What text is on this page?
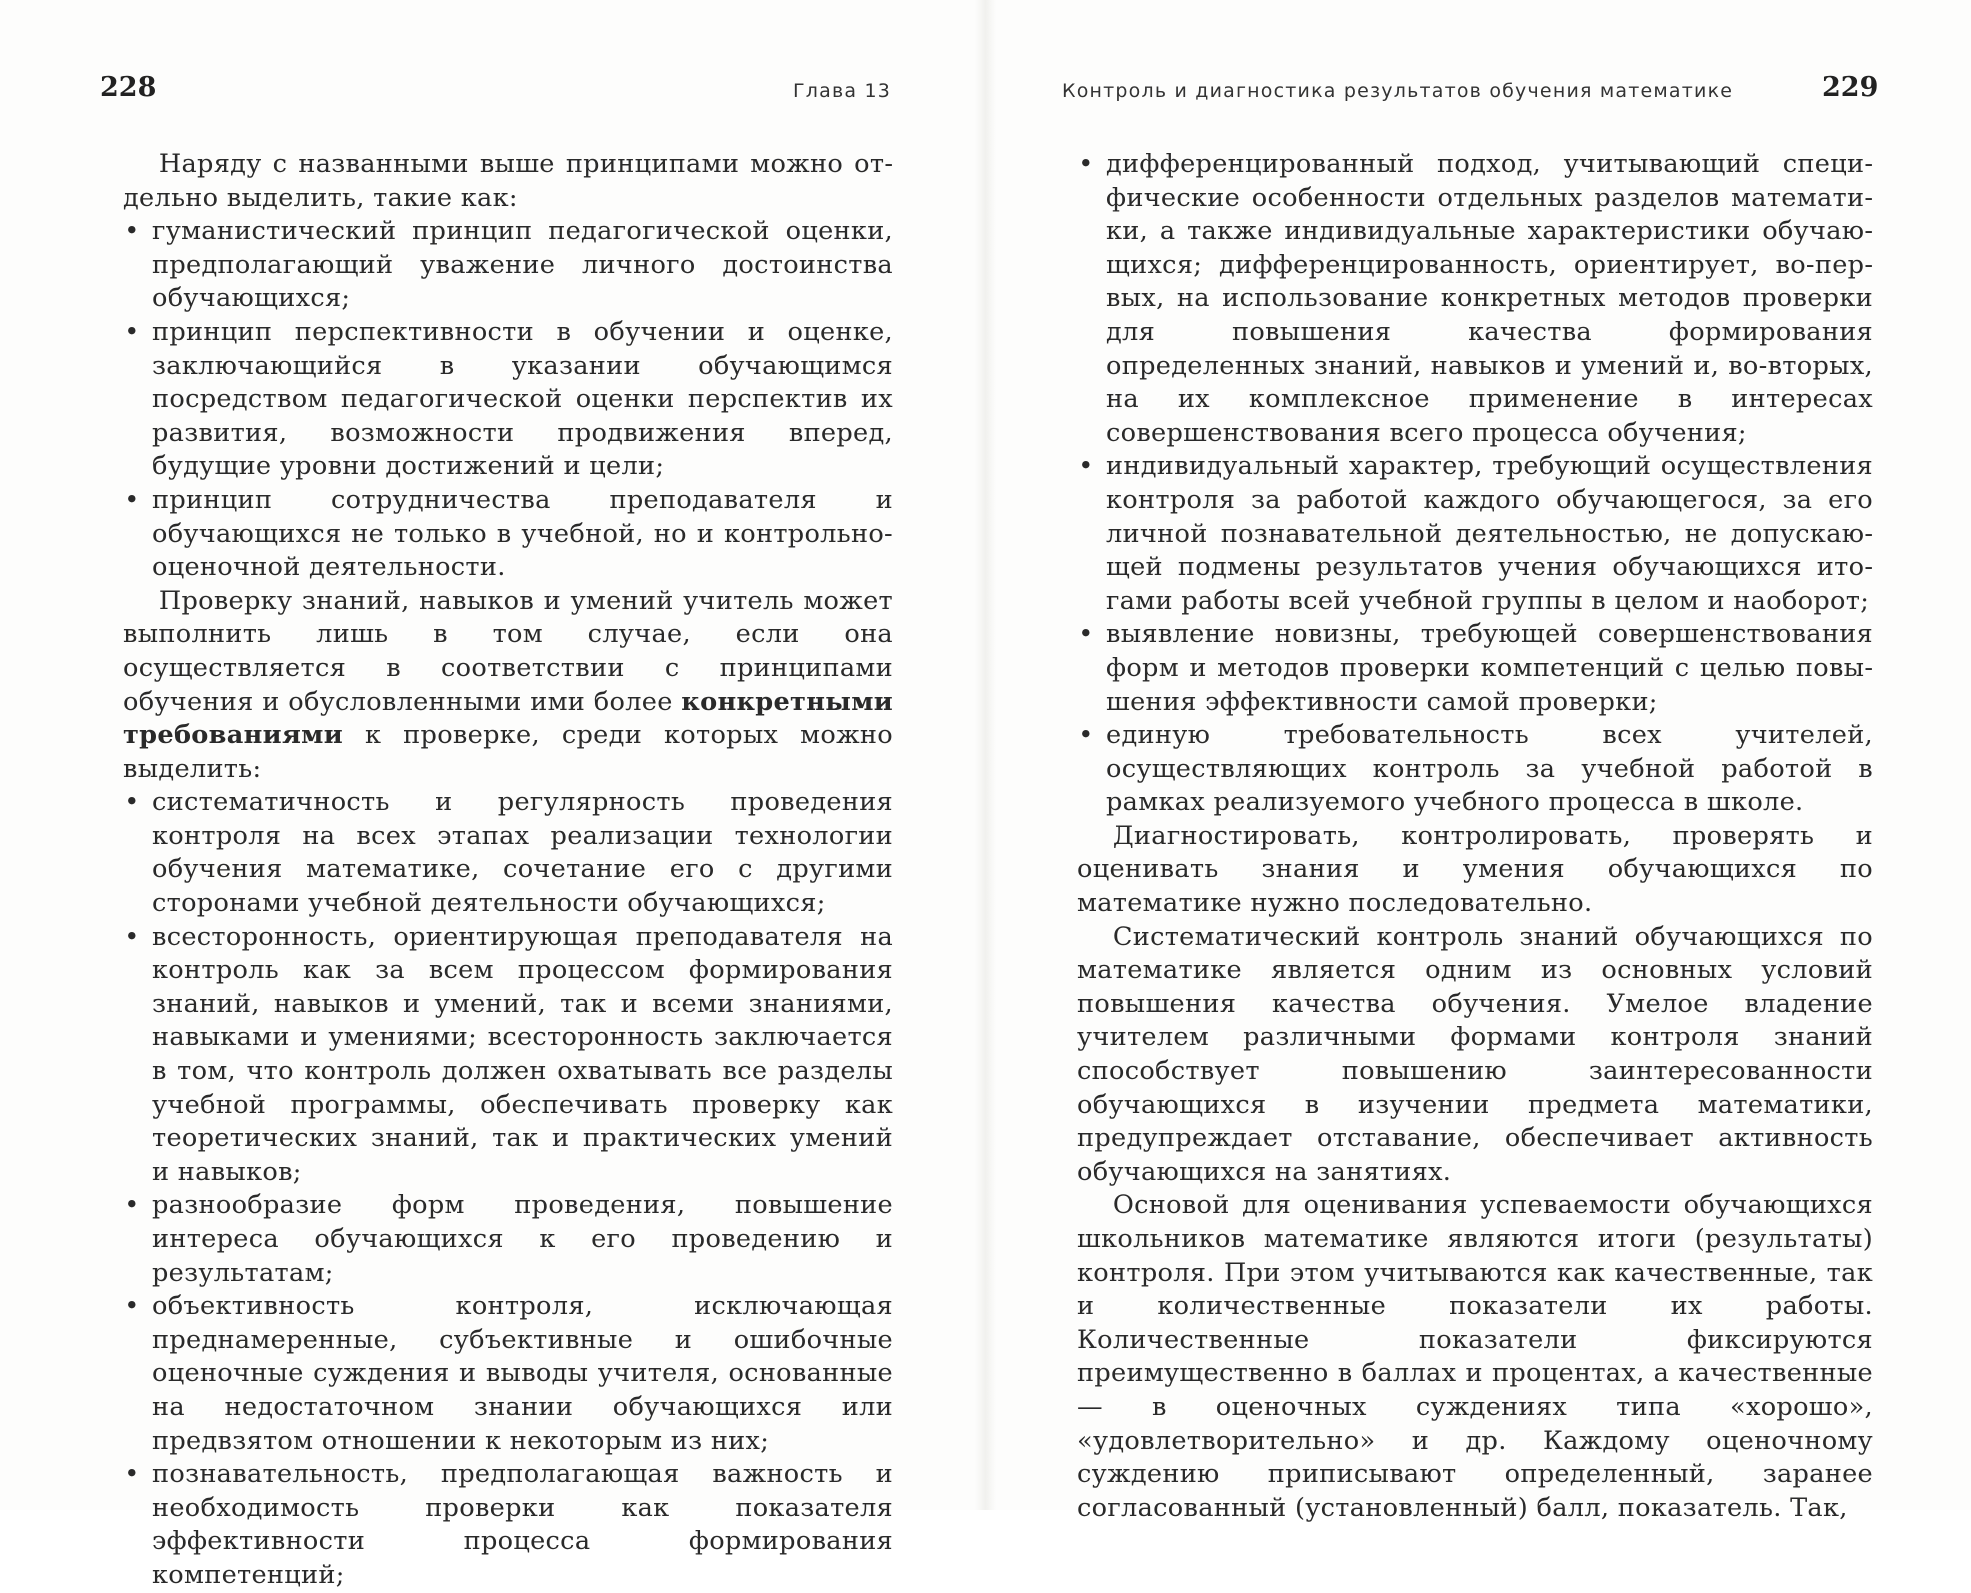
228	Глава 13

Наряду с названными выше принципами можно отдельно выделить, такие как:

• гуманистический принцип педагогической оценки, предполагающий уважение личного достоинства обучающихся;
• принцип перспективности в обучении и оценке, заключающийся в указании обучающимся посредством педагогической оценки перспектив их развития, возможности продвижения вперед, будущие уровни достижений и цели;
• принцип сотрудничества преподавателя и обучающихся не только в учебной, но и контрольно-оценочной деятельности.

Проверку знаний, навыков и умений учитель может выполнить лишь в том случае, если она осуществляется в соответствии с принципами обучения и обусловленными ими более конкретными требованиями к проверке, среди которых можно выделить:

• систематичность и регулярность проведения контроля на всех этапах реализации технологии обучения математике, сочетание его с другими сторонами учебной деятельности обучающихся;
• всесторонность, ориентирующая преподавателя на контроль как за всем процессом формирования знаний, навыков и умений, так и всеми знаниями, навыками и умениями; всесторонность заключается в том, что контроль должен охватывать все разделы учебной программы, обеспечивать проверку как теоретических знаний, так и практических умений и навыков;
• разнообразие форм проведения, повышение интереса обучающихся к его проведению и результатам;
• объективность контроля, исключающая преднамеренные, субъективные и ошибочные оценочные суждения и выводы учителя, основанные на недостаточном знании обучающихся или предвзятом отношении к некоторым из них;
• познавательность, предполагающая важность и необходимость проверки как показателя эффективности процесса формирования компетенций;
Контроль и диагностика результатов обучения математике	229
• дифференцированный подход, учитывающий специфические особенности отдельных разделов математики, а также индивидуальные характеристики обучающихся; дифференцированность, ориентирует, во-первых, на использование конкретных методов проверки для повышения качества формирования определенных знаний, навыков и умений и, во-вторых, на их комплексное применение в интересах совершенствования всего процесса обучения;
• индивидуальный характер, требующий осуществления контроля за работой каждого обучающегося, за его личной познавательной деятельностью, не допускающей подмены результатов учения обучающихся итогами работы всей учебной группы в целом и наоборот;
• выявление новизны, требующей совершенствования форм и методов проверки компетенций с целью повышения эффективности самой проверки;
• единую требовательность всех учителей, осуществляющих контроль за учебной работой в рамках реализуемого учебного процесса в школе.

Диагностировать, контролировать, проверять и оценивать знания и умения обучающихся по математике нужно последовательно.

Систематический контроль знаний обучающихся по математике является одним из основных условий повышения качества обучения. Умелое владение учителем различными формами контроля знаний способствует повышению заинтересованности обучающихся в изучении предмета математики, предупреждает отставание, обеспечивает активность обучающихся на занятиях.

Основой для оценивания успеваемости обучающихся школьников математике являются итоги (результаты) контроля. При этом учитываются как качественные, так и количественные показатели их работы. Количественные показатели фиксируются преимущественно в баллах и процентах, а качественные — в оценочных суждениях типа «хорошо», «удовлетворительно» и др. Каждому оценочному суждению приписывают определенный, заранее согласованный (установленный) балл, показатель. Так,
